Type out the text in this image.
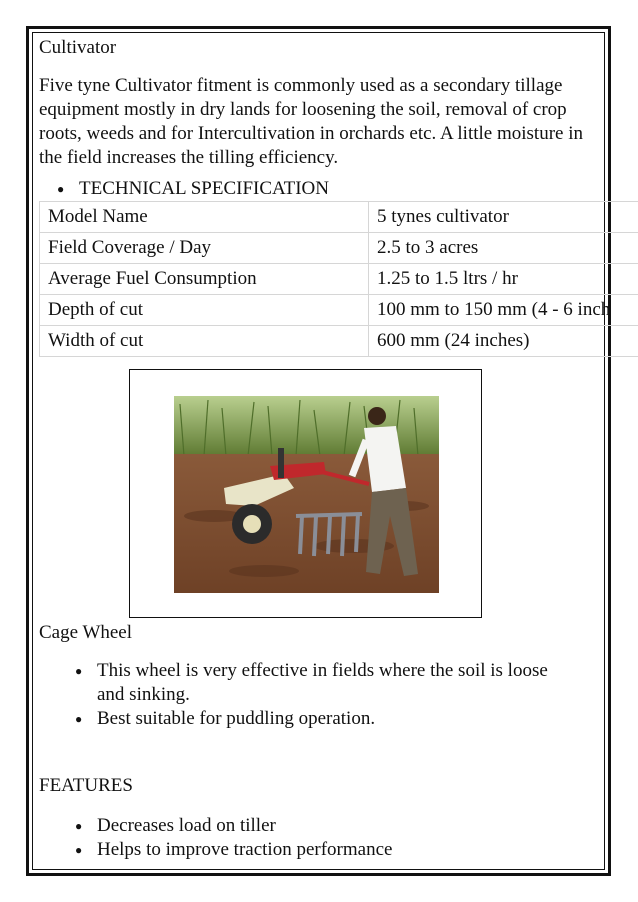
Cultivator

Five tyne Cultivator fitment is commonly used as a secondary tillage equipment mostly in dry lands for loosening the soil, removal of crop roots, weeds and for Intercultivation in orchards etc. A little moisture in the field increases the tilling efficiency.

● TECHNICAL SPECIFICATION
Model Name	5 tynes cultivator
Field Coverage / Day	2.5 to 3 acres
Average Fuel Consumption	1.25 to 1.5 ltrs / hr
Depth of cut	100 mm to 150 mm (4 - 6 inch
Width of cut	600 mm (24 inches)

Cage Wheel

● This wheel is very effective in fields where the soil is loose and sinking.
● Best suitable for puddling operation.

FEATURES

● Decreases load on tiller
● Helps to improve traction performance
